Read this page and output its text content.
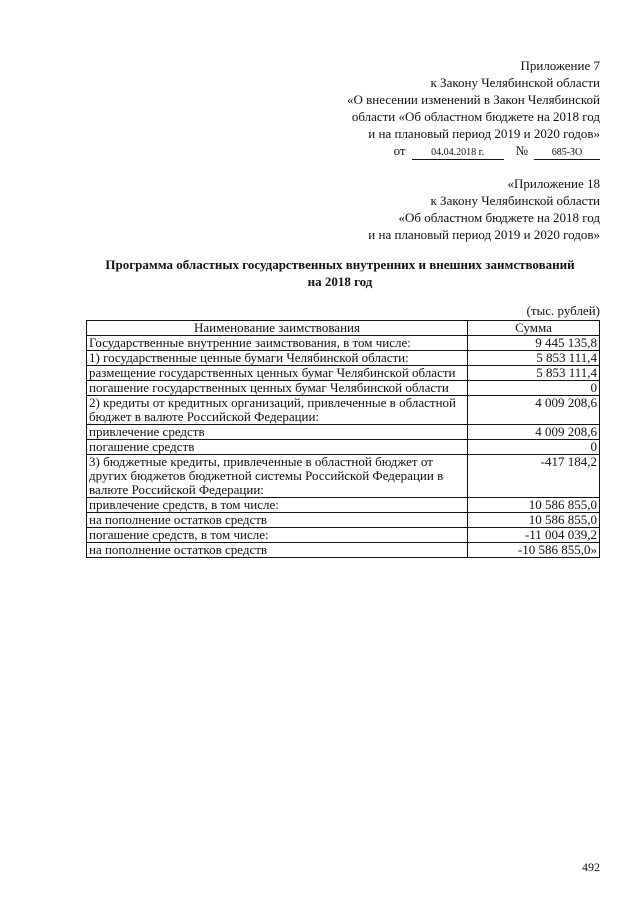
Приложение 7
к Закону Челябинской области
«О внесении изменений в Закон Челябинской
области «Об областном бюджете на 2018 год
и на плановый период 2019 и 2020 годов»
от	04.04.2018 г. № 685-ЗО
«Приложение 18
к Закону Челябинской области
«Об областном бюджете на 2018 год
и на плановый период 2019 и 2020 годов»
Программа областных государственных внутренних и внешних заимствований
на 2018 год
(тыс. рублей)
Наименование заимствования	Сумма
Государственные внутренние заимствования, в том числе:	9 445 135,8
1) государственные ценные бумаги Челябинской области:	5 853 111,4
размещение государственных ценных бумаг Челябинской области	5 853 111,4
погашение государственных ценных бумаг Челябинской области	0
2) кредиты от кредитных организаций, привлеченные в областной бюджет в валюте Российской Федерации:	4 009 208,6
привлечение средств	4 009 208,6
погашение средств	0
3) бюджетные кредиты, привлеченные в областной бюджет от других бюджетов бюджетной системы Российской Федерации в валюте Российской Федерации:	-417 184,2
привлечение средств, в том числе:	10 586 855,0
на пополнение остатков средств	10 586 855,0
погашение средств, в том числе:	-11 004 039,2
на пополнение остатков средств	-10 586 855,0»
492
